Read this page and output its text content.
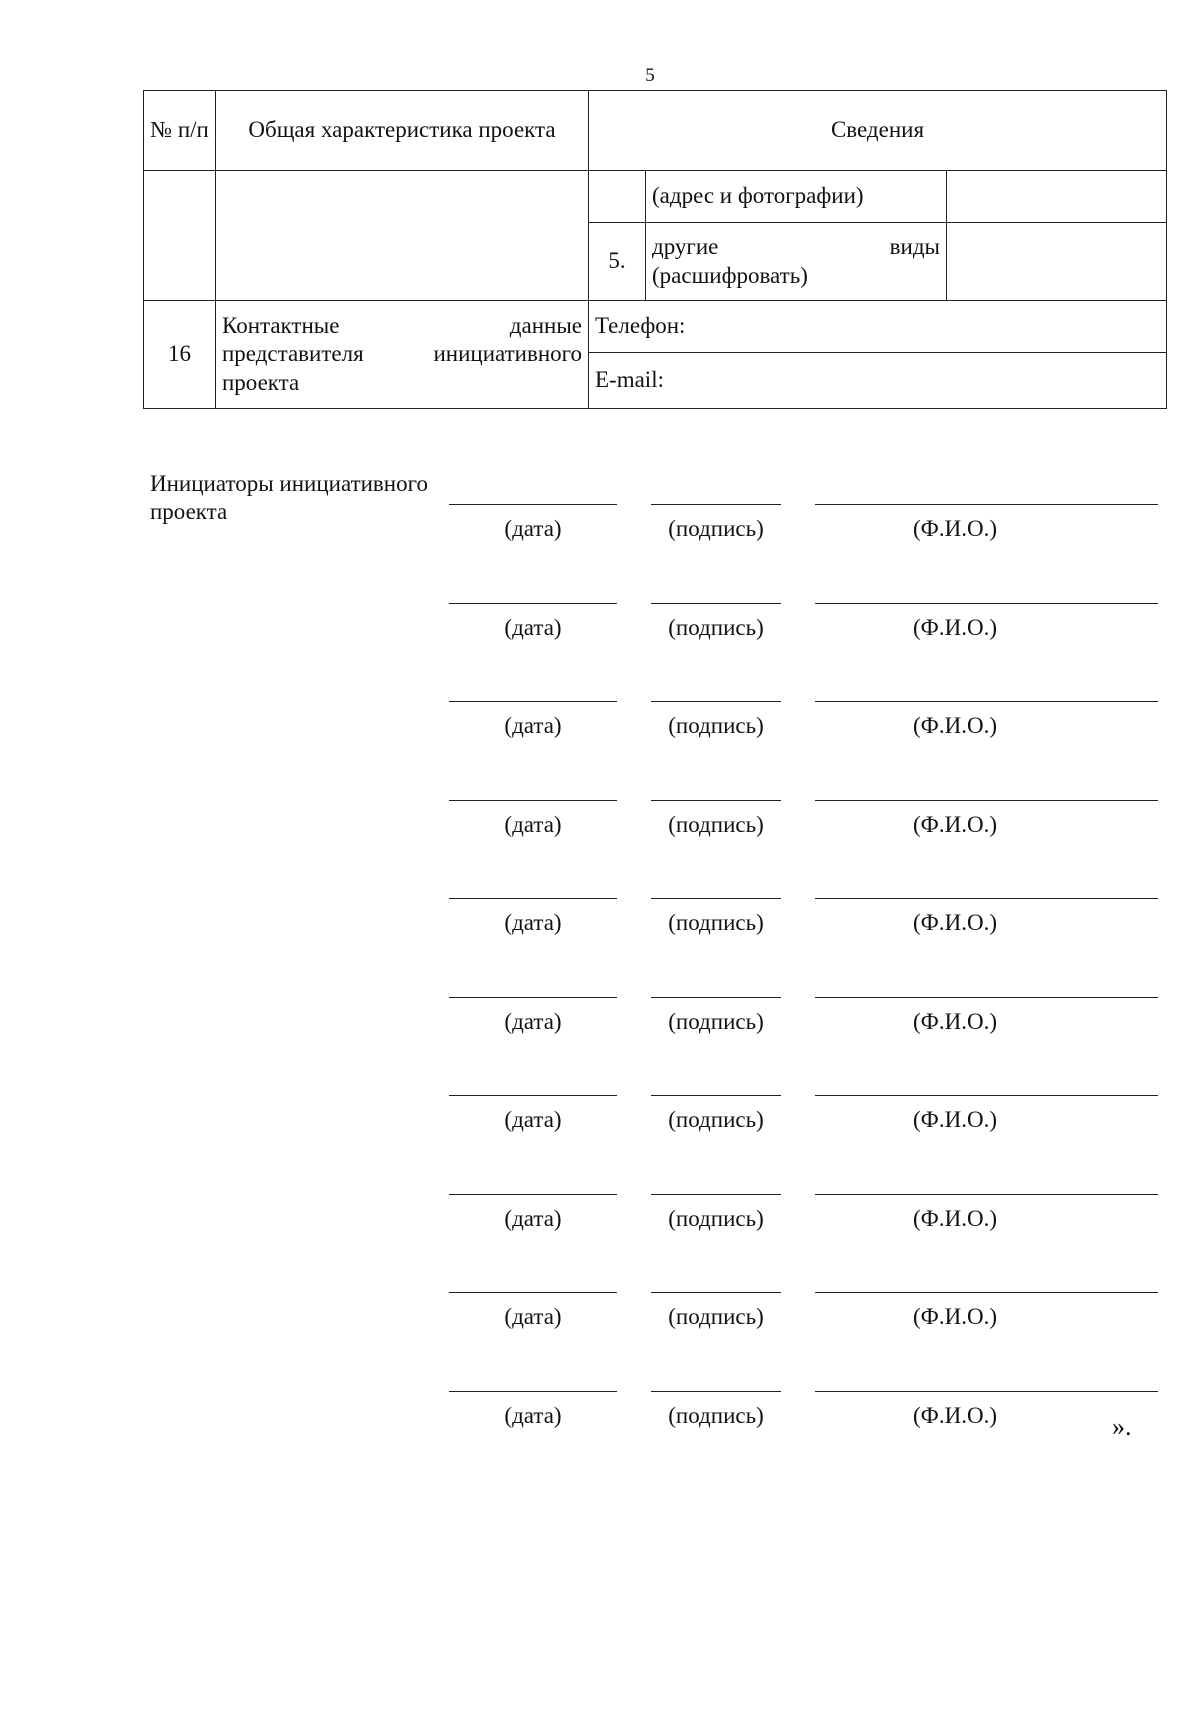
5
№ п/п	Общая характеристика проекта	Сведения		
			(адрес и фотографии)	
		5.	другие виды
(расшифровать)	

16	Контактные данные
представителя инициативного
проекта	Телефон:		
		E-mail:		
Инициаторы инициативного проекта
(дата)	(подпись)	(Ф.И.О.)
(дата)	(подпись)	(Ф.И.О.)
(дата)	(подпись)	(Ф.И.О.)
(дата)	(подпись)	(Ф.И.О.)
(дата)	(подпись)	(Ф.И.О.)
(дата)	(подпись)	(Ф.И.О.)
(дата)	(подпись)	(Ф.И.О.)
(дата)	(подпись)	(Ф.И.О.)
(дата)	(подпись)	(Ф.И.О.)
(дата)	(подпись)	(Ф.И.О.)	».
